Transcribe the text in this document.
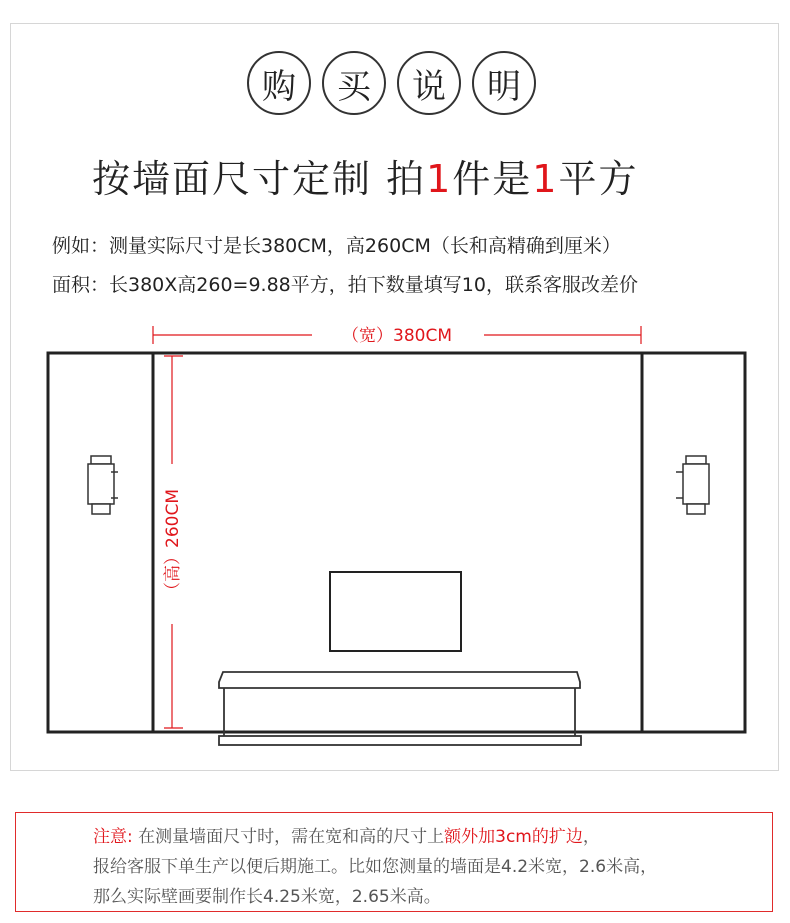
购	买	说	明
按墙面尺寸定制 拍1件是1平方
例如：测量实际尺寸是长380CM，高260CM（长和高精确到厘米）
面积：长380X高260=9.88平方，拍下数量填写10，联系客服改差价
（宽）380CM
（高）260CM
注意: 在测量墙面尺寸时，需在宽和高的尺寸上额外加3cm的扩边，
报给客服下单生产以便后期施工。比如您测量的墙面是4.2米宽，2.6米高，
那么实际壁画要制作长4.25米宽，2.65米高。
